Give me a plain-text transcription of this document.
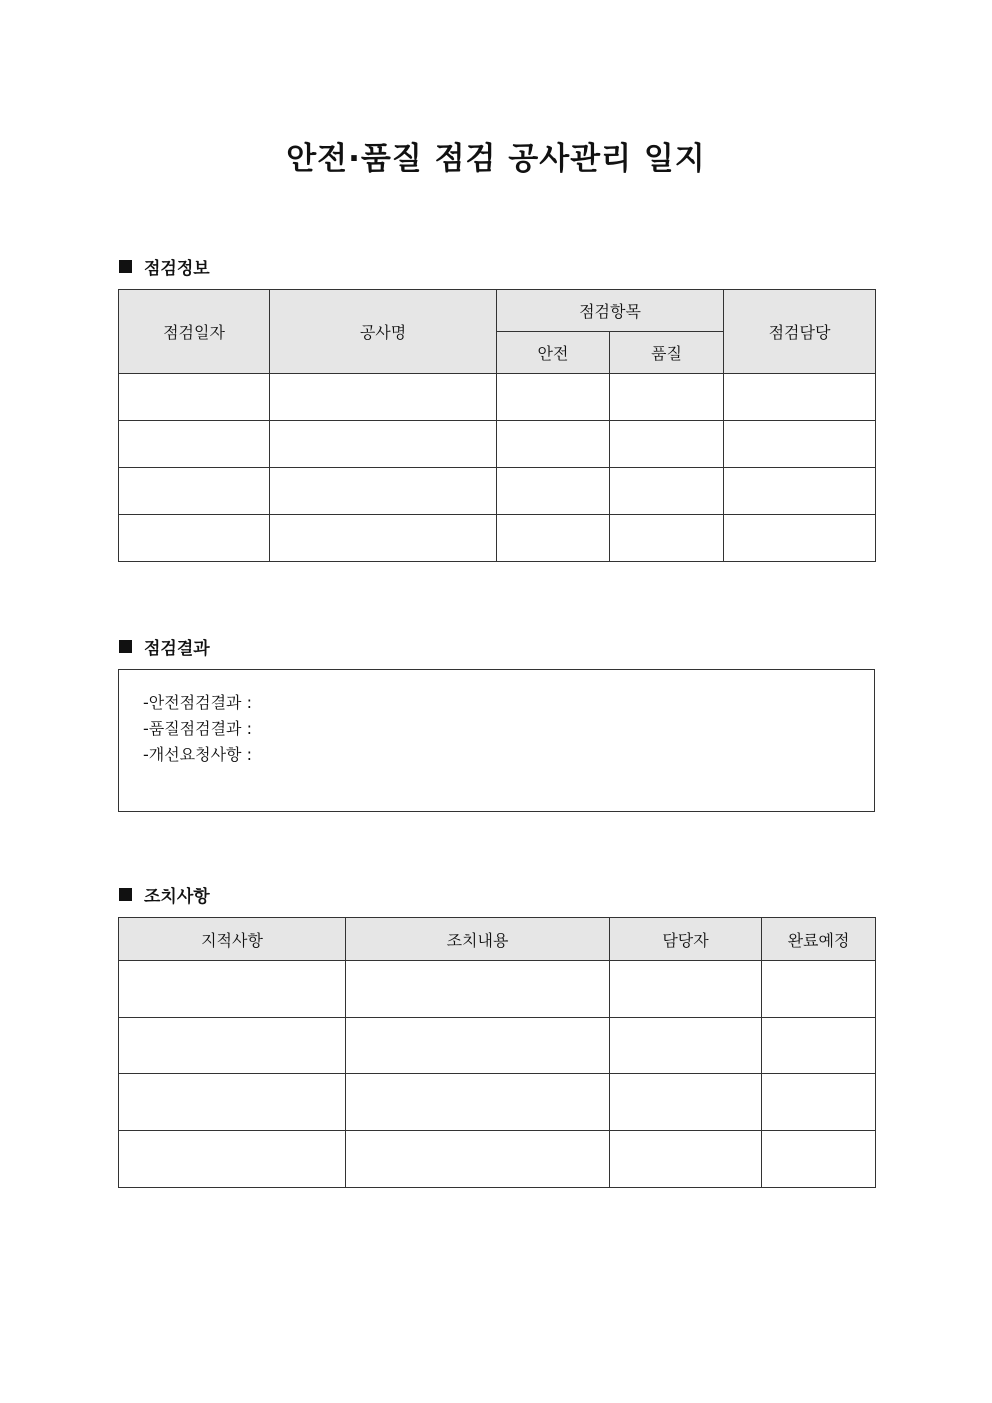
안전·품질 점검 공사관리 일지
점검정보
점검일자	공사명	점검항목		점검담당
		안전	품질	

점검결과
-안전점검결과 :
-품질점검결과 :
-개선요청사항 :
조치사항
지적사항	조치내용	담당자	완료예정
